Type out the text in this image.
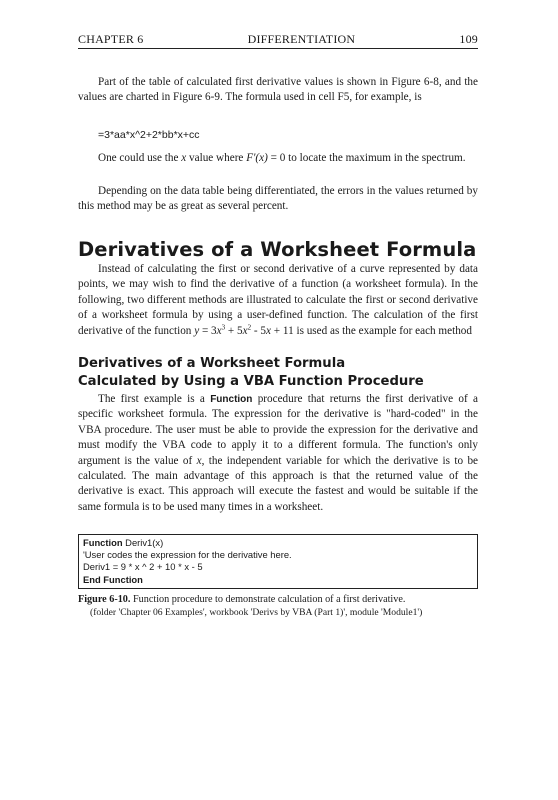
CHAPTER 6	DIFFERENTIATION	109

Part of the table of calculated first derivative values is shown in Figure 6-8, and the values are charted in Figure 6-9. The formula used in cell F5, for example, is

=3*aa*x^2+2*bb*x+cc

One could use the x value where F'(x) = 0 to locate the maximum in the spectrum.

Depending on the data table being differentiated, the errors in the values returned by this method may be as great as several percent.

Derivatives of a Worksheet Formula

Instead of calculating the first or second derivative of a curve represented by data points, we may wish to find the derivative of a function (a worksheet formula). In the following, two different methods are illustrated to calculate the first or second derivative of a worksheet formula by using a user-defined function. The calculation of the first derivative of the function $y = 3x^3 + 5x^2 - 5x + 11$ is used as the example for each method

Derivatives of a Worksheet Formula
Calculated by Using a VBA Function Procedure

The first example is a Function procedure that returns the first derivative of a specific worksheet formula. The expression for the derivative is "hard-coded" in the VBA procedure. The user must be able to provide the expression for the derivative and must modify the VBA code to apply it to a different formula. The function's only argument is the value of x, the independent variable for which the derivative is to be calculated. The main advantage of this approach is that the returned value of the derivative is exact. This approach will execute the fastest and would be suitable if the same formula is to be used many times in a worksheet.

Function Deriv1(x)
'User codes the expression for the derivative here.
Deriv1 = 9 * x ^ 2 + 10 * x - 5
End Function
Figure 6-10. Function procedure to demonstrate calculation of a first derivative.
(folder 'Chapter 06 Examples', workbook 'Derivs by VBA (Part 1)', module 'Module1')
